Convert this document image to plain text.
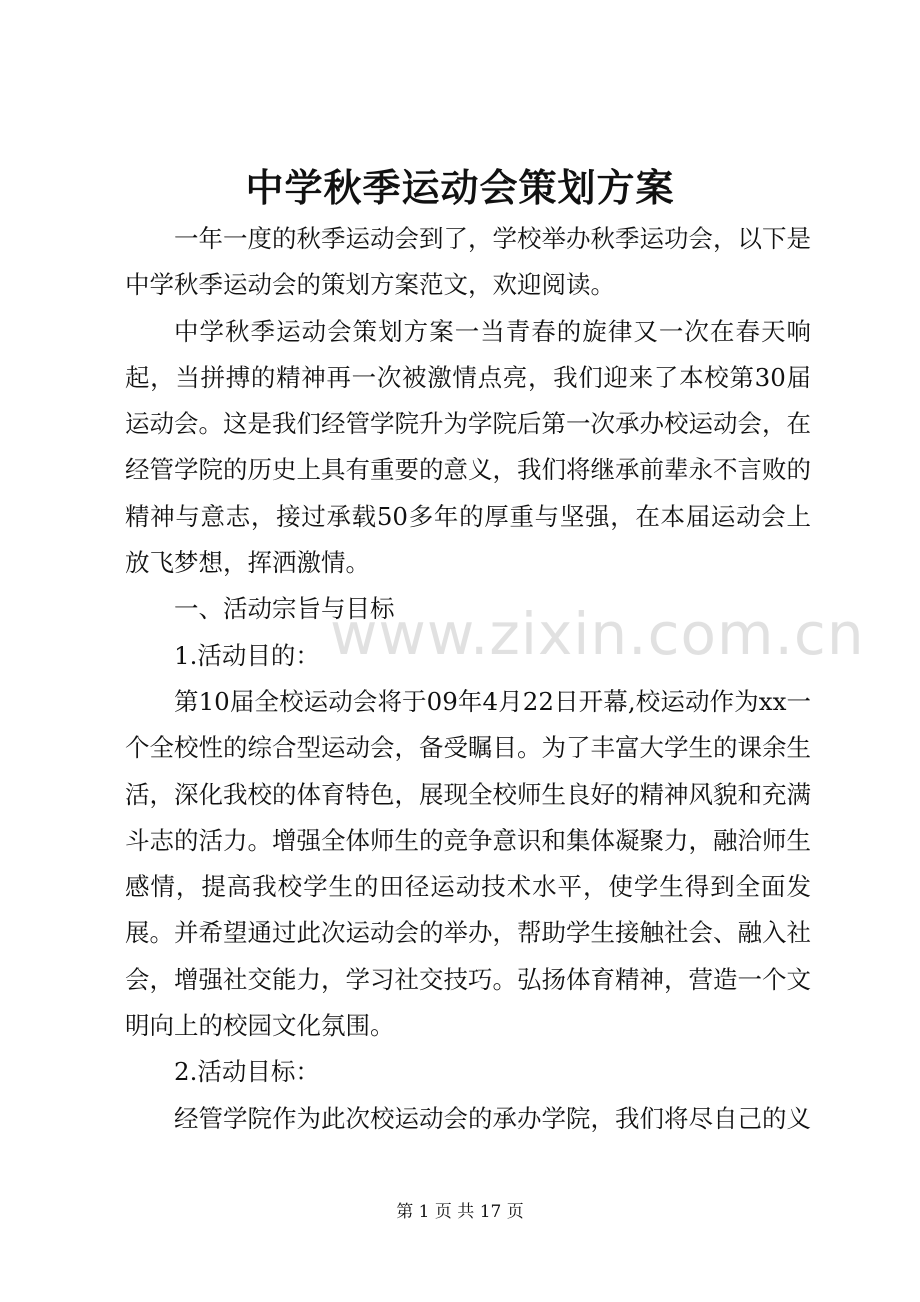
中学秋季运动会策划方案

一年一度的秋季运动会到了，学校举办秋季运功会，以下是中学秋季运动会的策划方案范文，欢迎阅读。

中学秋季运动会策划方案一当青春的旋律又一次在春天响起，当拼搏的精神再一次被激情点亮，我们迎来了本校第30届运动会。这是我们经管学院升为学院后第一次承办校运动会，在经管学院的历史上具有重要的意义，我们将继承前辈永不言败的精神与意志，接过承载50多年的厚重与坚强，在本届运动会上放飞梦想，挥洒激情。

一、活动宗旨与目标

1.活动目的：

第10届全校运动会将于09年4月22日开幕,校运动作为xx一个全校性的综合型运动会，备受瞩目。为了丰富大学生的课余生活，深化我校的体育特色，展现全校师生良好的精神风貌和充满斗志的活力。增强全体师生的竞争意识和集体凝聚力，融洽师生感情，提高我校学生的田径运动技术水平，使学生得到全面发展。并希望通过此次运动会的举办，帮助学生接触社会、融入社会，增强社交能力，学习社交技巧。弘扬体育精神，营造一个文明向上的校园文化氛围。

2.活动目标：

经管学院作为此次校运动会的承办学院，我们将尽自己的义

www.zixin.com.cn
第 1 页 共 17 页
